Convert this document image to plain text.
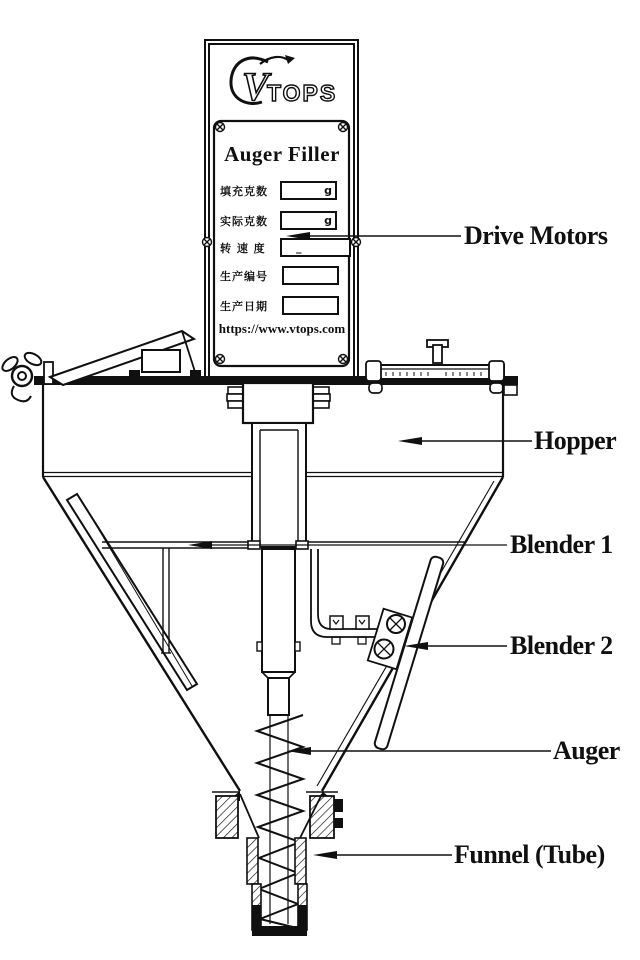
V
TOPS
Auger Filler
填充克数	g
实际克数	g
转 速 度	_
生产编号
生产日期
https://www.vtops.com
Drive Motors
Hopper
Blender 1
Blender 2
Auger
Funnel (Tube)
